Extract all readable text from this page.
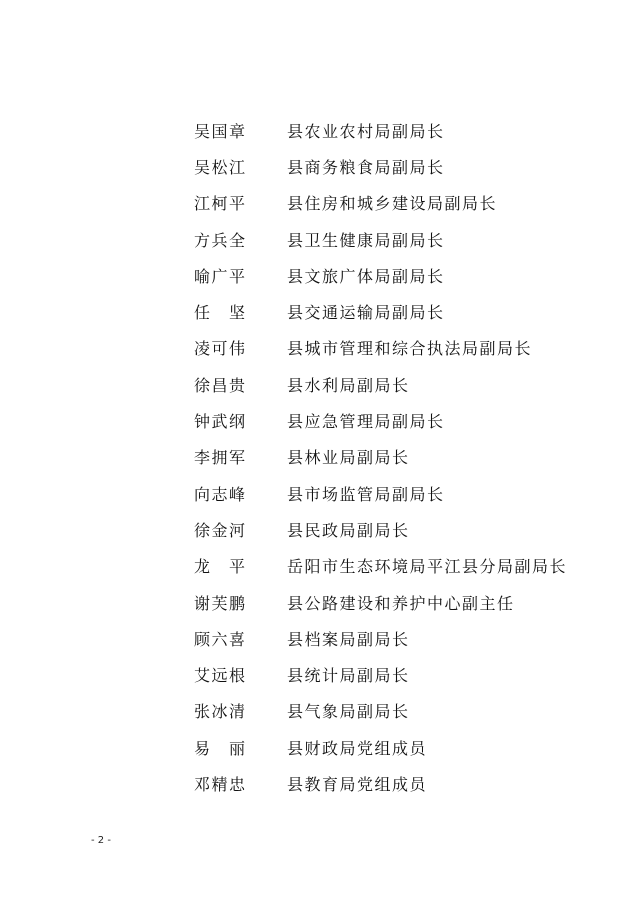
吴国章	县农业农村局副局长
吴松江	县商务粮食局副局长
江柯平	县住房和城乡建设局副局长
方兵全	县卫生健康局副局长
喻广平	县文旅广体局副局长
任　坚	县交通运输局副局长
凌可伟	县城市管理和综合执法局副局长
徐昌贵	县水利局副局长
钟武纲	县应急管理局副局长
李拥军	县林业局副局长
向志峰	县市场监管局副局长
徐金河	县民政局副局长
龙　平	岳阳市生态环境局平江县分局副局长
谢芙鹏	县公路建设和养护中心副主任
顾六喜	县档案局副局长
艾远根	县统计局副局长
张冰清	县气象局副局长
易　丽	县财政局党组成员
邓精忠	县教育局党组成员
- 2 -
